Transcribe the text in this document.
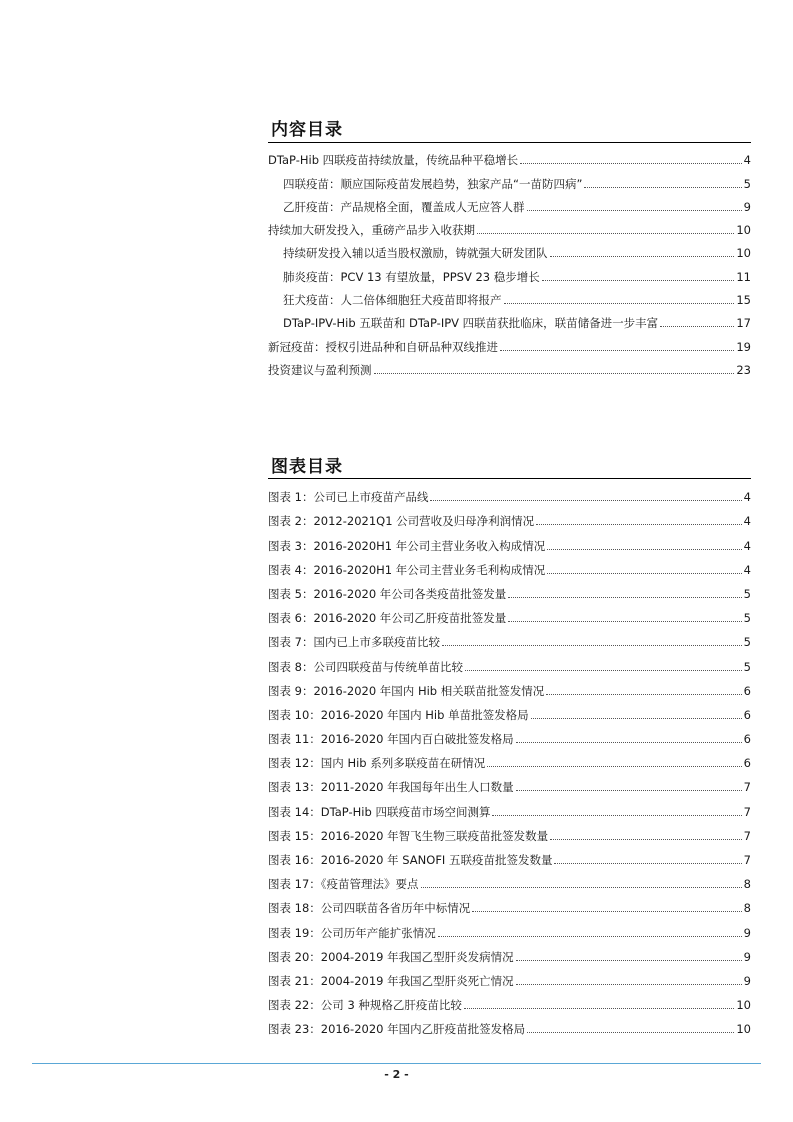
内容目录
DTaP-Hib 四联疫苗持续放量，传统品种平稳增长	4
四联疫苗：顺应国际疫苗发展趋势，独家产品“一苗防四病”	5
乙肝疫苗：产品规格全面，覆盖成人无应答人群	9
持续加大研发投入，重磅产品步入收获期	10
持续研发投入辅以适当股权激励，铸就强大研发团队	10
肺炎疫苗：PCV 13 有望放量，PPSV 23 稳步增长	11
狂犬疫苗：人二倍体细胞狂犬疫苗即将报产	15
DTaP-IPV-Hib 五联苗和 DTaP-IPV 四联苗获批临床，联苗储备进一步丰富	17
新冠疫苗：授权引进品种和自研品种双线推进	19
投资建议与盈利预测	23
图表目录
图表 1：公司已上市疫苗产品线	4
图表 2：2012-2021Q1 公司营收及归母净利润情况	4
图表 3：2016-2020H1 年公司主营业务收入构成情况	4
图表 4：2016-2020H1 年公司主营业务毛利构成情况	4
图表 5：2016-2020 年公司各类疫苗批签发量	5
图表 6：2016-2020 年公司乙肝疫苗批签发量	5
图表 7：国内已上市多联疫苗比较	5
图表 8：公司四联疫苗与传统单苗比较	5
图表 9：2016-2020 年国内 Hib 相关联苗批签发情况	6
图表 10：2016-2020 年国内 Hib 单苗批签发格局	6
图表 11：2016-2020 年国内百白破批签发格局	6
图表 12：国内 Hib 系列多联疫苗在研情况	6
图表 13：2011-2020 年我国每年出生人口数量	7
图表 14：DTaP-Hib 四联疫苗市场空间测算	7
图表 15：2016-2020 年智飞生物三联疫苗批签发数量	7
图表 16：2016-2020 年 SANOFI 五联疫苗批签发数量	7
图表 17：《疫苗管理法》要点	8
图表 18：公司四联苗各省历年中标情况	8
图表 19：公司历年产能扩张情况	9
图表 20：2004-2019 年我国乙型肝炎发病情况	9
图表 21：2004-2019 年我国乙型肝炎死亡情况	9
图表 22：公司 3 种规格乙肝疫苗比较	10
图表 23：2016-2020 年国内乙肝疫苗批签发格局	10
- 2 -
